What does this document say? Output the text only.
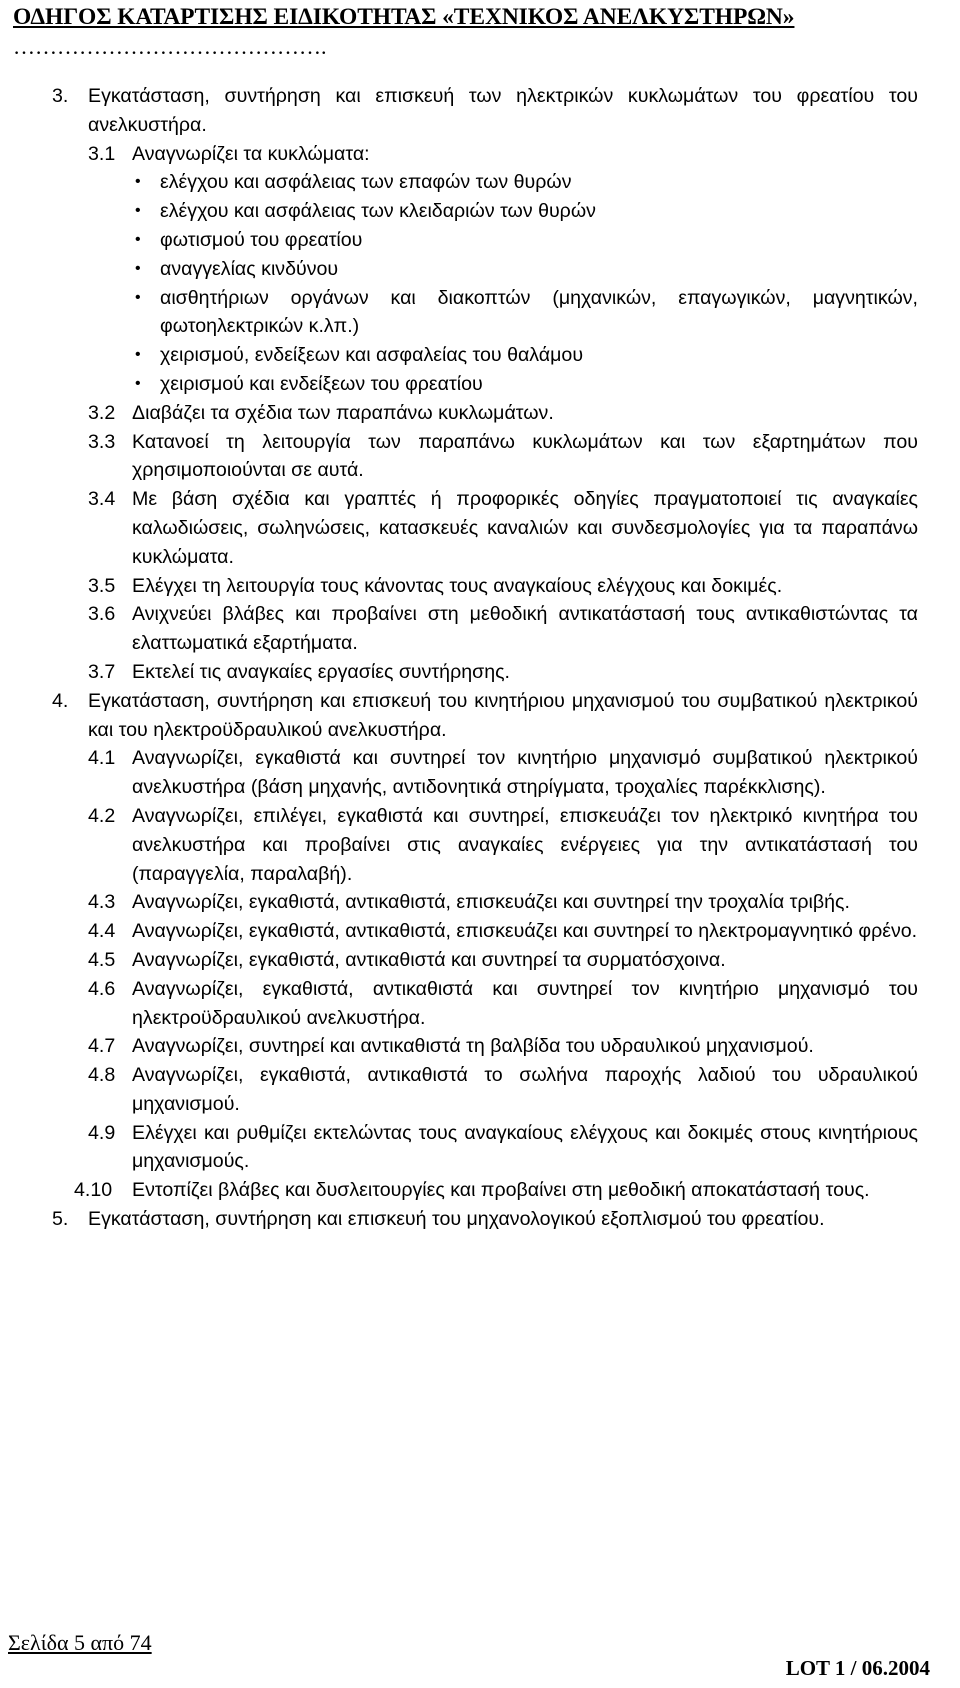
ΟΔΗΓΟΣ ΚΑΤΑΡΤΙΣΗΣ ΕΙΔΙΚΟΤΗΤΑΣ «ΤΕΧΝΙΚΟΣ ΑΝΕΛΚΥΣΤΗΡΩΝ»
…………………………………….
3. Εγκατάσταση, συντήρηση και επισκευή των ηλεκτρικών κυκλωμάτων του φρεατίου του ανελκυστήρα.
3.1 Αναγνωρίζει τα κυκλώματα:
• ελέγχου και ασφάλειας των επαφών των θυρών
• ελέγχου και ασφάλειας των κλειδαριών των θυρών
• φωτισμού του φρεατίου
• αναγγελίας κινδύνου
• αισθητήριων οργάνων και διακοπτών (μηχανικών, επαγωγικών, μαγνητικών, φωτοηλεκτρικών κ.λπ.)
• χειρισμού, ενδείξεων και ασφαλείας του θαλάμου
• χειρισμού και ενδείξεων του φρεατίου
3.2 Διαβάζει τα σχέδια των παραπάνω κυκλωμάτων.
3.3 Κατανοεί τη λειτουργία των παραπάνω κυκλωμάτων και των εξαρτημάτων που χρησιμοποιούνται σε αυτά.
3.4 Με βάση σχέδια και γραπτές ή προφορικές οδηγίες πραγματοποιεί τις αναγκαίες καλωδιώσεις, σωληνώσεις, κατασκευές καναλιών και συνδεσμολογίες για τα παραπάνω κυκλώματα.
3.5 Ελέγχει τη λειτουργία τους κάνοντας τους αναγκαίους ελέγχους και δοκιμές.
3.6 Ανιχνεύει βλάβες και προβαίνει στη μεθοδική αντικατάστασή τους αντικαθιστώντας τα ελαττωματικά εξαρτήματα.
3.7 Εκτελεί τις αναγκαίες εργασίες συντήρησης.
4. Εγκατάσταση, συντήρηση και επισκευή του κινητήριου μηχανισμού του συμβατικού ηλεκτρικού και του ηλεκτροϋδραυλικού ανελκυστήρα.
4.1 Αναγνωρίζει, εγκαθιστά και συντηρεί τον κινητήριο μηχανισμό συμβατικού ηλεκτρικού ανελκυστήρα (βάση μηχανής, αντιδονητικά στηρίγματα, τροχαλίες παρέκκλισης).
4.2 Αναγνωρίζει, επιλέγει, εγκαθιστά και συντηρεί, επισκευάζει τον ηλεκτρικό κινητήρα του ανελκυστήρα και προβαίνει στις αναγκαίες ενέργειες για την αντικατάστασή του (παραγγελία, παραλαβή).
4.3 Αναγνωρίζει, εγκαθιστά, αντικαθιστά, επισκευάζει και συντηρεί την τροχαλία τριβής.
4.4 Αναγνωρίζει, εγκαθιστά, αντικαθιστά, επισκευάζει και συντηρεί το ηλεκτρομαγνητικό φρένο.
4.5 Αναγνωρίζει, εγκαθιστά, αντικαθιστά και συντηρεί τα συρματόσχοινα.
4.6 Αναγνωρίζει, εγκαθιστά, αντικαθιστά και συντηρεί τον κινητήριο μηχανισμό του ηλεκτροϋδραυλικού ανελκυστήρα.
4.7 Αναγνωρίζει, συντηρεί και αντικαθιστά τη βαλβίδα του υδραυλικού μηχανισμού.
4.8 Αναγνωρίζει, εγκαθιστά, αντικαθιστά το σωλήνα παροχής λαδιού του υδραυλικού μηχανισμού.
4.9 Ελέγχει και ρυθμίζει εκτελώντας τους αναγκαίους ελέγχους και δοκιμές στους κινητήριους μηχανισμούς.
4.10 Εντοπίζει βλάβες και δυσλειτουργίες και προβαίνει στη μεθοδική αποκατάστασή τους.
5. Εγκατάσταση, συντήρηση και επισκευή του μηχανολογικού εξοπλισμού του φρεατίου.
Σελίδα 5 από 74
LOT 1 / 06.2004
